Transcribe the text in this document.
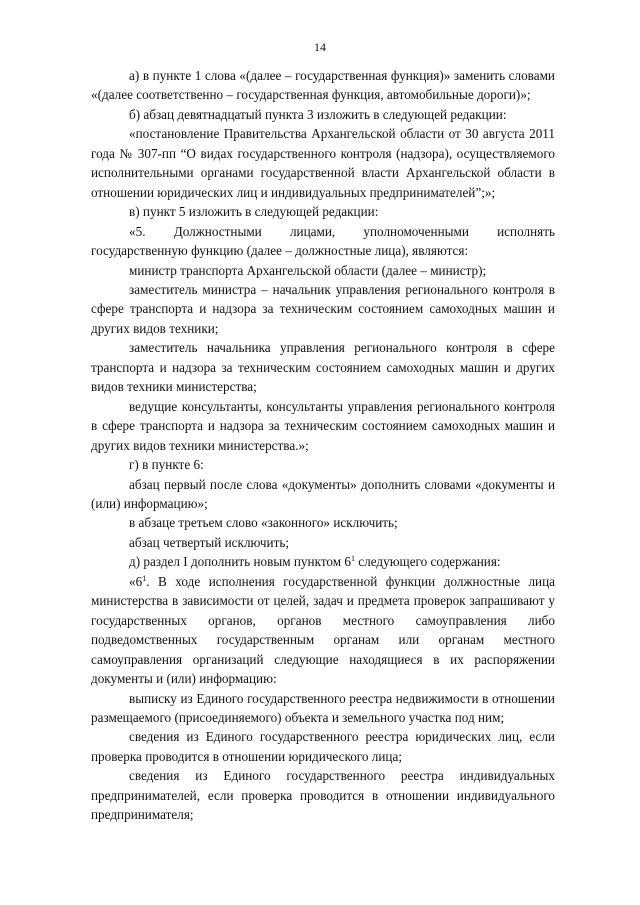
14

а) в пункте 1 слова «(далее – государственная функция)» заменить словами «(далее соответственно – государственная функция, автомобильные дороги)»;

б) абзац девятнадцатый пункта 3 изложить в следующей редакции:

«постановление Правительства Архангельской области от 30 августа 2011 года № 307-пп “О видах государственного контроля (надзора), осуществляемого исполнительными органами государственной власти Архангельской области в отношении юридических лиц и индивидуальных предпринимателей”;»;

в) пункт 5 изложить в следующей редакции:

«5. Должностными лицами, уполномоченными исполнять государственную функцию (далее – должностные лица), являются:

министр транспорта Архангельской области (далее – министр);

заместитель министра – начальник управления регионального контроля в сфере транспорта и надзора за техническим состоянием самоходных машин и других видов техники;

заместитель начальника управления регионального контроля в сфере транспорта и надзора за техническим состоянием самоходных машин и других видов техники министерства;

ведущие консультанты, консультанты управления регионального контроля в сфере транспорта и надзора за техническим состоянием самоходных машин и других видов техники министерства.»;

г) в пункте 6:

абзац первый после слова «документы» дополнить словами «документы и (или) информацию»;

в абзаце третьем слово «законного» исключить;

абзац четвертый исключить;

д) раздел I дополнить новым пунктом $6^1$ следующего содержания:

«$6^1$. В ходе исполнения государственной функции должностные лица министерства в зависимости от целей, задач и предмета проверок запрашивают у государственных органов, органов местного самоуправления либо подведомственных государственным органам или органам местного самоуправления организаций следующие находящиеся в их распоряжении документы и (или) информацию:

выписку из Единого государственного реестра недвижимости в отношении размещаемого (присоединяемого) объекта и земельного участка под ним;

сведения из Единого государственного реестра юридических лиц, если проверка проводится в отношении юридического лица;

сведения из Единого государственного реестра индивидуальных предпринимателей, если проверка проводится в отношении индивидуального предпринимателя;
